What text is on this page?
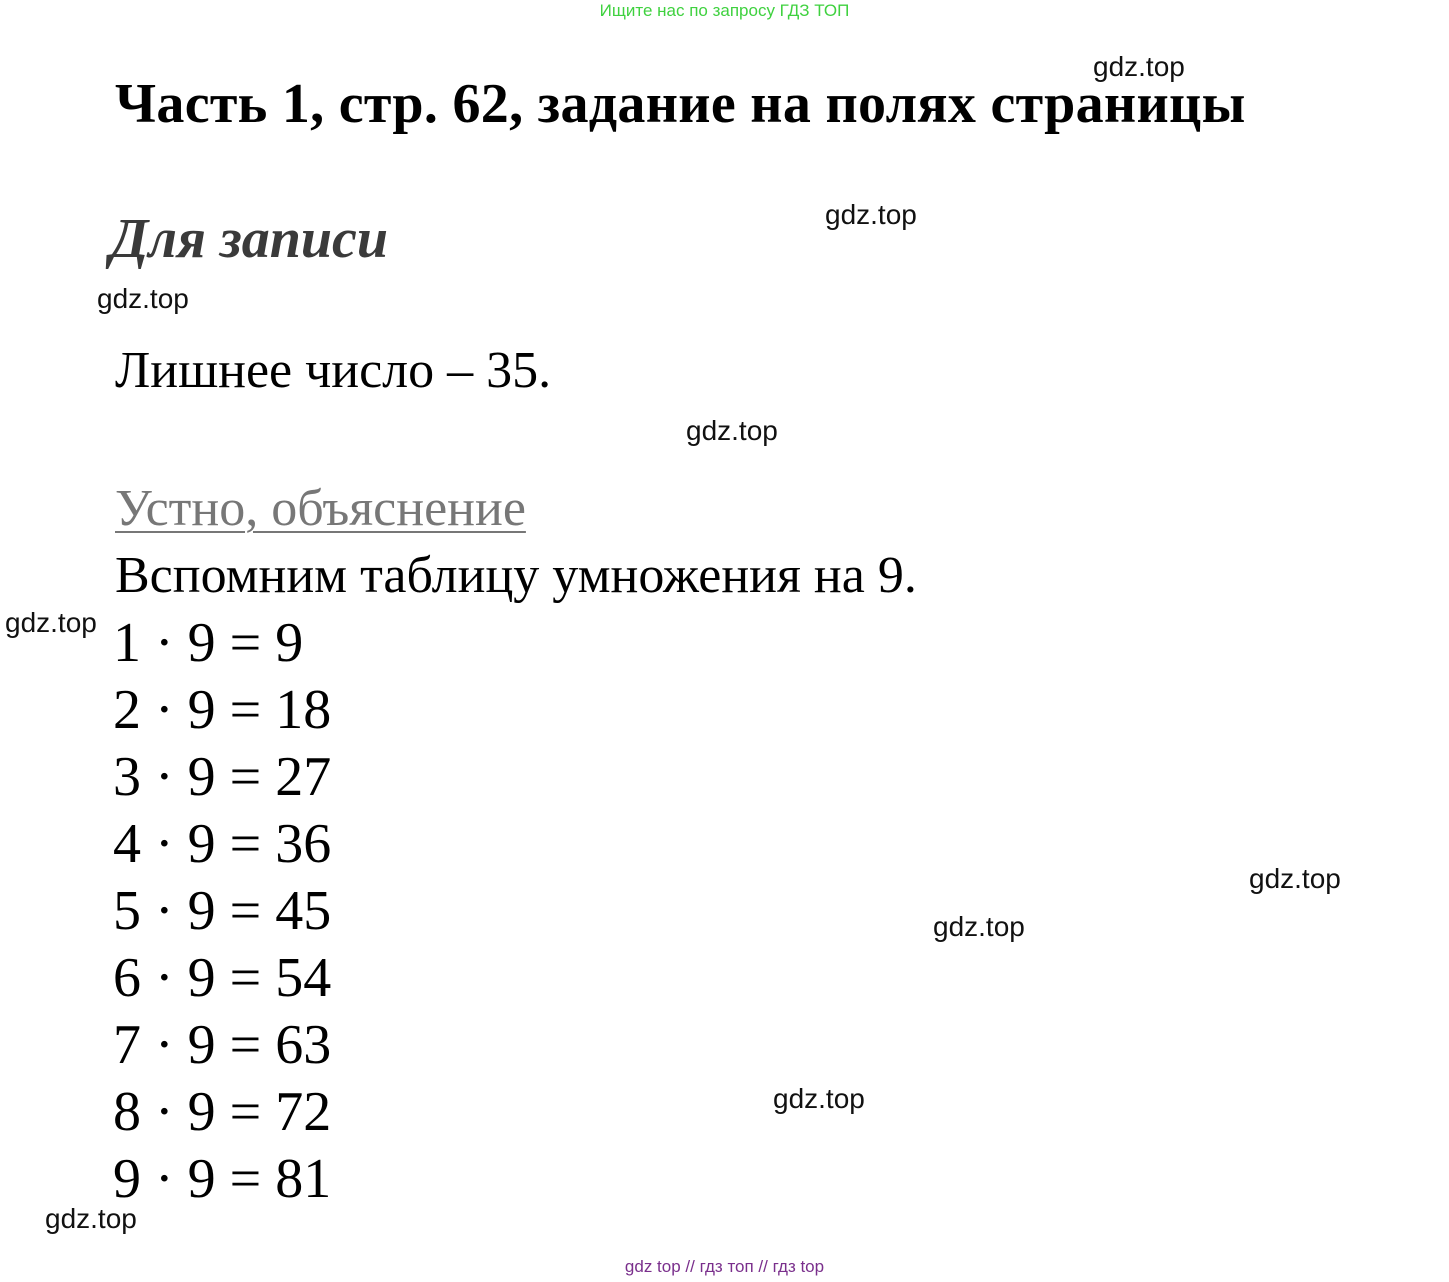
Ищите нас по запросу ГДЗ ТОП
Часть 1, стр. 62, задание на полях страницы
Для записи
Лишнее число – 35.
Устно, объяснение
Вспомним таблицу умножения на 9.
1 · 9 = 9
2 · 9 = 18
3 · 9 = 27
4 · 9 = 36
5 · 9 = 45
6 · 9 = 54
7 · 9 = 63
8 · 9 = 72
9 · 9 = 81
gdz.top
gdz.top
gdz.top
gdz.top
gdz.top
gdz.top
gdz.top
gdz.top
gdz.top
gdz top // гдз топ // гдз top
